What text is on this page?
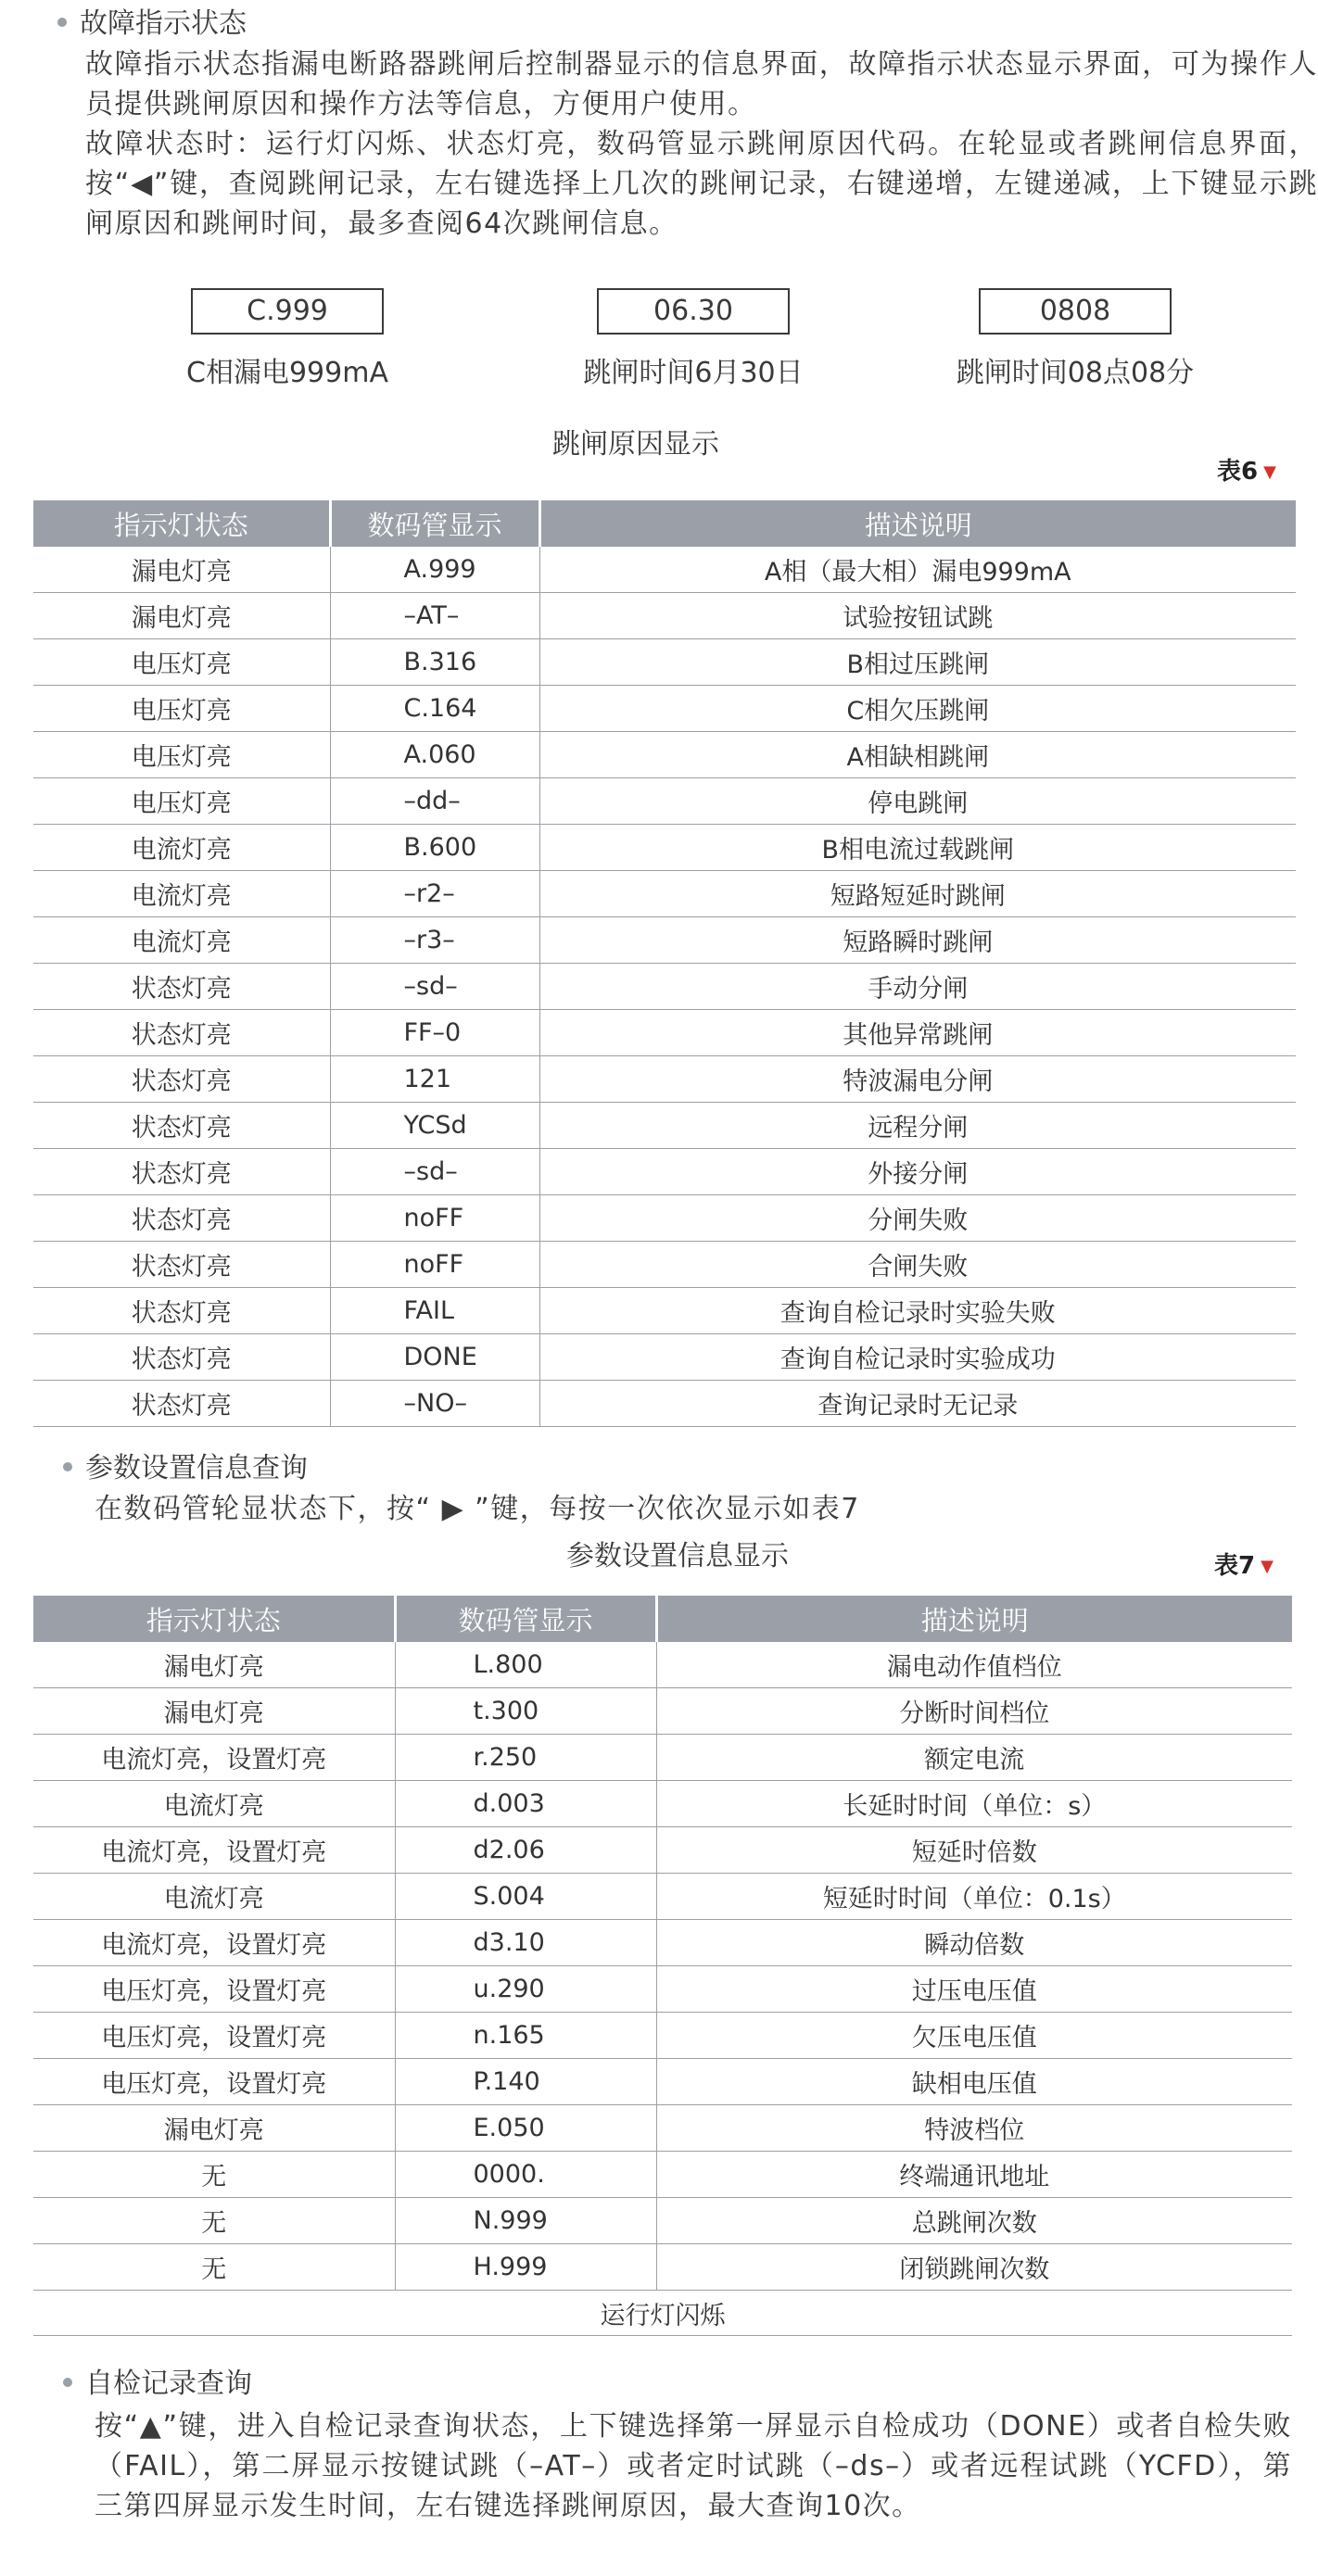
故障指示状态
故障指示状态指漏电断路器跳闸后控制器显示的信息界面，故障指示状态显示界面，可为操作人员提供跳闸原因和操作方法等信息，方便用户使用。
故障状态时：运行灯闪烁、状态灯亮，数码管显示跳闸原因代码。在轮显或者跳闸信息界面，按“◀”键，查阅跳闸记录，左右键选择上几次的跳闸记录，右键递增，左键递减，上下键显示跳闸原因和跳闸时间，最多查阅64次跳闸信息。
C.999	06.30	0808
C相漏电999mA	跳闸时间6月30日	跳闸时间08点08分
跳闸原因显示
表6 ▼
指示灯状态	数码管显示	描述说明
漏电灯亮	A.999	A相（最大相）漏电999mA
漏电灯亮	–AT–	试验按钮试跳
电压灯亮	B.316	B相过压跳闸
电压灯亮	C.164	C相欠压跳闸
电压灯亮	A.060	A相缺相跳闸
电压灯亮	–dd–	停电跳闸
电流灯亮	B.600	B相电流过载跳闸
电流灯亮	–r2–	短路短延时跳闸
电流灯亮	–r3–	短路瞬时跳闸
状态灯亮	–sd–	手动分闸
状态灯亮	FF–0	其他异常跳闸
状态灯亮	121	特波漏电分闸
状态灯亮	YCSd	远程分闸
状态灯亮	–sd–	外接分闸
状态灯亮	noFF	分闸失败
状态灯亮	noFF	合闸失败
状态灯亮	FAIL	查询自检记录时实验失败
状态灯亮	DONE	查询自检记录时实验成功
状态灯亮	–NO–	查询记录时无记录
参数设置信息查询
在数码管轮显状态下，按“ ▶ ”键，每按一次依次显示如表7
参数设置信息显示	表7 ▼
指示灯状态	数码管显示	描述说明
漏电灯亮	L.800	漏电动作值档位
漏电灯亮	t.300	分断时间档位
电流灯亮，设置灯亮	r.250	额定电流
电流灯亮	d.003	长延时时间（单位：s）
电流灯亮，设置灯亮	d2.06	短延时倍数
电流灯亮	S.004	短延时时间（单位：0.1s）
电流灯亮，设置灯亮	d3.10	瞬动倍数
电压灯亮，设置灯亮	u.290	过压电压值
电压灯亮，设置灯亮	n.165	欠压电压值
电压灯亮，设置灯亮	P.140	缺相电压值
漏电灯亮	E.050	特波档位
无	0000.	终端通讯地址
无	N.999	总跳闸次数
无	H.999	闭锁跳闸次数
运行灯闪烁		
自检记录查询
按“▲”键，进入自检记录查询状态，上下键选择第一屏显示自检成功（DONE）或者自检失败（FAIL），第二屏显示按键试跳（–AT–）或者定时试跳（–ds–）或者远程试跳（YCFD），第三第四屏显示发生时间，左右键选择跳闸原因，最大查询10次。
